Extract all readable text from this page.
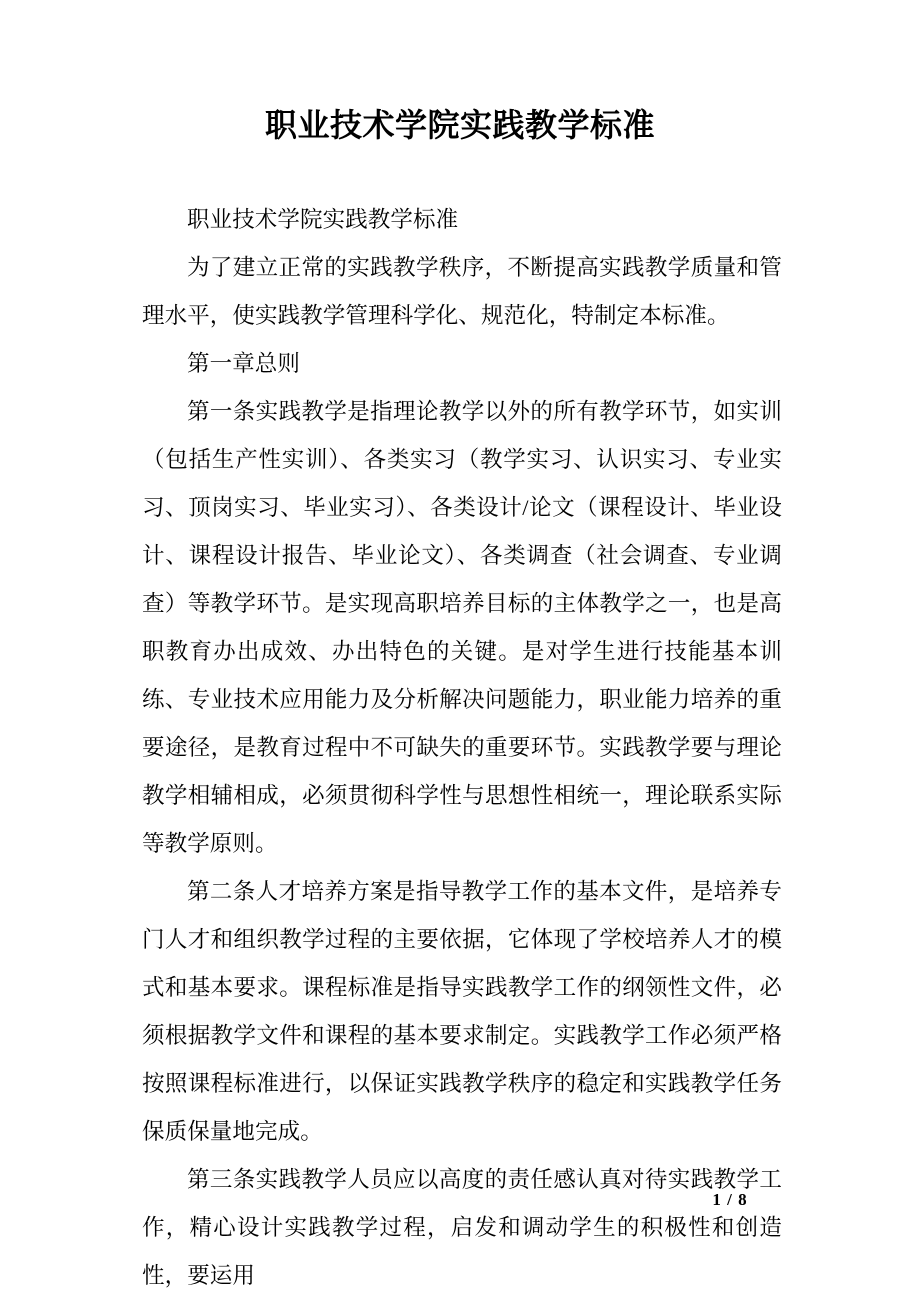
职业技术学院实践教学标准

职业技术学院实践教学标准

为了建立正常的实践教学秩序，不断提高实践教学质量和管理水平，使实践教学管理科学化、规范化，特制定本标准。

第一章总则

第一条实践教学是指理论教学以外的所有教学环节，如实训（包括生产性实训）、各类实习（教学实习、认识实习、专业实习、顶岗实习、毕业实习）、各类设计/论文（课程设计、毕业设计、课程设计报告、毕业论文）、各类调查（社会调查、专业调查）等教学环节。是实现高职培养目标的主体教学之一，也是高职教育办出成效、办出特色的关键。是对学生进行技能基本训练、专业技术应用能力及分析解决问题能力，职业能力培养的重要途径，是教育过程中不可缺失的重要环节。实践教学要与理论教学相辅相成，必须贯彻科学性与思想性相统一，理论联系实际等教学原则。

第二条人才培养方案是指导教学工作的基本文件，是培养专门人才和组织教学过程的主要依据，它体现了学校培养人才的模式和基本要求。课程标准是指导实践教学工作的纲领性文件，必须根据教学文件和课程的基本要求制定。实践教学工作必须严格按照课程标准进行，以保证实践教学秩序的稳定和实践教学任务保质保量地完成。

第三条实践教学人员应以高度的责任感认真对待实践教学工作，精心设计实践教学过程，启发和调动学生的积极性和创造性，要运用

1 / 8
